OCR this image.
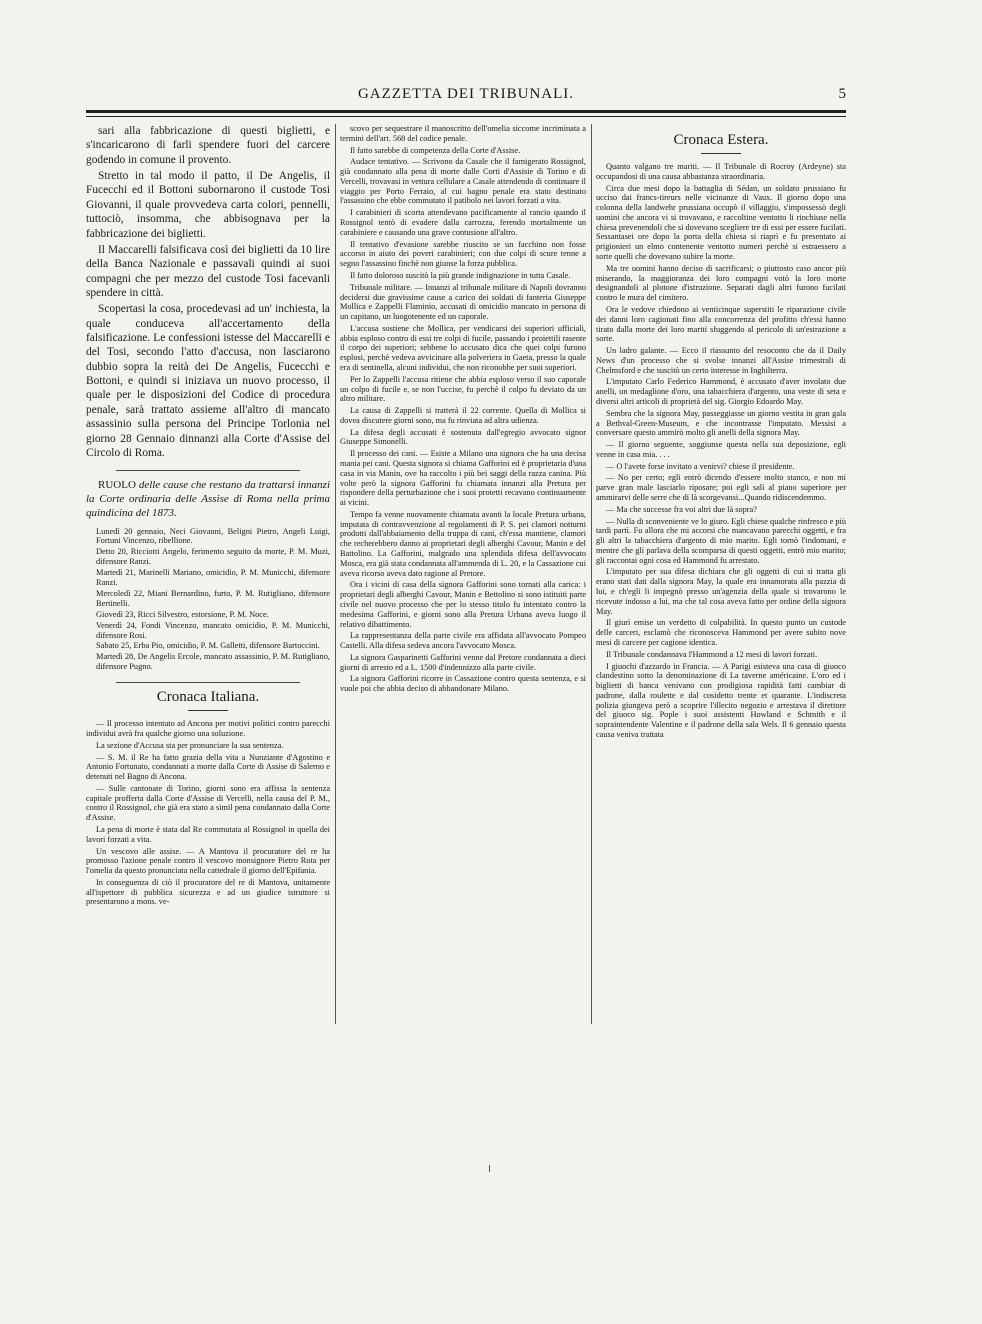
GAZZETTA DEI TRIBUNALI.	5

sari alla fabbricazione di questi biglietti, e s'incaricarono di farli spendere fuori del carcere godendo in comune il provento.

Stretto in tal modo il patto, il De Angelis, il Fucecchi ed il Bottoni subornarono il custode Tosi Giovanni, il quale provvedeva carta colori, pennelli, tuttociò, insomma, che abbisognava per la fabbricazione dei biglietti.

Il Maccarelli falsificava così dei biglietti da 10 lire della Banca Nazionale e passavali quindi ai suoi compagni che per mezzo del custode Tosi facevanli spendere in città.

Scopertasi la cosa, procedevasi ad un' inchiesta, la quale conduceva all'accertamento della falsificazione. Le confessioni istesse del Maccarelli e del Tosi, secondo l'atto d'accusa, non lasciarono dubbio sopra la reità dei De Angelis, Fucecchi e Bottoni, e quindi si iniziava un nuovo processo, il quale per le disposizioni del Codice di procedura penale, sarà trattato assieme all'altro di mancato assassinio sulla persona del Principe Torlonia nel giorno 28 Gennaio dinnanzi alla Corte d'Assise del Circolo di Roma.

RUOLO delle cause che restano da trattarsi innanzi la Corte ordinaria delle Assise di Roma nella prima quindicina del 1873.

Lunedì 20 gennaio, Neci Giovanni, Beligni Pietro, Angeli Luigi, Fortuni Vincenzo, ribellione.

Detto 20, Ricciotti Angelo, ferimento seguito da morte, P. M. Muzi, difensore Ranzi.

Martedì 21, Marinelli Mariano, omicidio, P. M. Municchi, difensore Ranzi.

Mercoledì 22, Miani Bernardino, furto, P. M. Rutigliano, difensore Bertinelli.

Giovedì 23, Ricci Silvestro, estorsione, P. M. Noce.

Venerdì 24, Fondi Vincenzo, mancato omicidio, P. M. Municchi, difensore Rosi.

Sabato 25, Erba Pio, omicidio, P. M. Galletti, difensore Bartoccini.

Martedì 28, De Angelis Ercole, mancato assassinio, P. M. Rutigliano, difensore Pugno.

Cronaca Italiana.

— Il processo intentato ad Ancona per motivi politici contro parecchi individui avrà fra qualche giorno una soluzione.

La sezione d'Accusa sta per pronunciare la sua sentenza.

— S. M. il Re ha fatto grazia della vita a Nunziante d'Agostino e Antonio Fortunato, condannati a morte dalla Corte di Assise di Salerno e detenuti nel Bagno di Ancona.

— Sulle cantonate di Torino, giorni sono era affissa la sentenza capitale profferta dalla Corte d'Assise di Vercelli, nella causa del P. M., contro il Rossignol, che già era stato a simil pena condannato dalla Corte d'Assise.

La pena di morte è stata dal Re commutata al Rossignol in quella dei lavori forzati a vita.

Un vescovo alle assise. — A Mantova il procuratore del re ha promosso l'azione penale contro il vescovo monsignore Pietro Rota per l'omelia da questo pronunciata nella cattedrale il giorno dell'Epifania.

In conseguenza di ciò il procuratore del re di Mantova, unitamente all'ispettore di pubblica sicurezza e ad un giudice istruttore si presentarono a mons. ve-

scovo per sequestrare il manoscritto dell'omelia siccome incriminata a termini dell'art. 568 del codice penale.

Il fatto sarebbe di competenza della Corte d'Assise.

Audace tentativo. — Scrivono da Casale che il famigerato Rossignol, già condannato alla pena di morte dalle Corti d'Assisie di Torino e di Vercelli, trovavasi in vettura cellulare a Casale attendendo di continuare il viaggio per Porto Ferraio, al cui bagno penale era stato destinato l'assassino che ebbe commutato il patibolo nei lavori forzati a vita.

I carabinieri di scorta attendevano pacificamente al rancio quando il Rossignol tentò di evadere dalla carrozza, ferendo mortalmente un carabiniere e causando una grave contusione all'altro.

Il tentativo d'evasione sarebbe riuscito se un facchino non fosse accorso in aiuto dei poveri carabinieri; con due colpi di scure tenne a segno l'assassino finchè non giunse la forza pubblica.

Il fatto doloroso suscitò la più grande indignazione in tutta Casale.

Tribunale militare. — Innanzi al tribunale militare di Napoli dovranno decidersi due gravissime cause a carico dei soldati di fanteria Giuseppe Mollica e Zappelli Flaminio, accusati di omicidio mancato in persona di un capitano, un luogotenente ed un caporale.

L'accusa sostiene che Mollica, per vendicarsi dei superiori ufficiali, abbia esploso contro di essi tre colpi di fucile, passando i proiettili rasente il corpo dei superiori; sebbene lo accusato dica che quei colpi furono esplosi, perchè vedeva avvicinare alla polveriera in Gaeta, presso la quale era di sentinella, alcuni individui, che non riconobbe per suoi superiori.

Per lo Zappelli l'accusa ritiene che abbia esploso verso il suo caporale un colpo di fucile e, se non l'uccise, fu perchè il colpo fu deviato da un altro militare.

La causa di Zappelli si tratterà il 22 corrente. Quella di Mollica si dovea discutere giorni sono, ma fu rinviata ad altra udienza.

La difesa degli accusati è sostenuta dall'egregio avvocato signor Giuseppe Simonelli.

Il processo dei cani. — Esiste a Milano una signora che ha una decisa mania pei cani. Questa signora si chiama Gafforini ed è proprietaria d'una casa in via Manin, ove ha raccolto i più bei saggi della razza canina. Più volte però la signora Gafforini fu chiamata innanzi alla Pretura per rispondere della perturbazione che i suoi protetti recavano continuamente ai vicini.

Tempo fa venne nuovamente chiamata avanti la locale Pretura urbana, imputata di contravvenzione al regolamenti di P. S. pei clamori notturni prodotti dall'abbaiamento della truppa di cani, ch'essa mantiene, clamori che recherebbero danno ai proprietari degli alberghi Cavour, Manin e del Battolino. La Gafforini, malgrado una splendida difesa dell'avvocato Mosca, era già stata condannata all'ammenda di L. 20, e la Cassazione cui aveva ricorso aveva dato ragione al Pretore.

Ora i vicini di casa della signora Gafforini sono tornati alla carica: i proprietari degli alberghi Cavour, Manin e Bettolino si sono istituiti parte civile nel nuovo processo che per lo stesso titolo fu intentato contro la medesima Gafforini, e giorni sono alla Pretura Urbana aveva luogo il relativo dibattimento.

La rappresentanza della parte civile era affidata all'avvocato Pompeo Castelli. Alla difesa sedeva ancora l'avvocato Mosca.

La signora Gasparinetti Gafforini venne dal Pretore condannata a dieci giorni di arresto ed a L. 1500 d'indennizzo alla parte civile.

La signora Gafforini ricorre in Cassazione contro questa sentenza, e si vuole poi che abbia deciso di abbandonare Milano.

Cronaca Estera.

Quanto valgano tre mariti. — Il Tribunale di Rocroy (Ardeyne) sta occupandosi di una causa abbastanza straordinaria.

Circa due mesi dopo la battaglia di Sédan, un soldato prussiano fu ucciso dai francs-tireurs nelle vicinanze di Vaux. Il giorno dopo una colonna della landwehr prussiana occupò il villaggio, s'impossessò degli uomini che ancora vi si trovavano, e raccoltine ventotto li rinchiuse nella chiesa prevenendoli che si dovevano scegliere tre di essi per essere fucilati. Sessantasei ore dopo la porta della chiesa si riaprì e fu presentato ai prigionieri un elmo contenente ventotto numeri perchè si estraessero a sorte quelli che dovevano subire la morte.

Ma tre uomini hanno deciso di sacrificarsi; o piuttosto caso ancor più miserando, la maggioranza dei loro compagni votò la loro morte designandoli al plotone d'istruzione. Separati dagli altri furono fucilati contro le mura del cimitero.

Ora le vedove chiedono ai venticinque superstiti le riparazione civile dei danni loro cagionati fino alla concorrenza del profitto ch'essi hanno tirato dalla morte dei loro mariti sfuggendo al pericolo di un'estrazione a sorte.

Un ladro galante. — Ecco il riassunto del resoconto che da il Daily News d'un processo che si svolse innanzi all'Assise trimestrali di Chelmsford e che suscitò un certo interesse in Inghilterra.

L'imputato Carlo Federico Hammond, è accusato d'aver involato due anelli, un medaglione d'oro, una tabacchiera d'argento, una veste di seta e diversi altri articoli di proprietà del sig. Giorgio Edoardo May.

Sembra che la signora May, passeggiasse un giorno vestita in gran gala a Bethval-Green-Museum, e che incontrasse l'imputato. Messisi a conversare questo ammirò molto gli anelli della signora May.

— Il giorno seguente, soggiunse questa nella sua deposizione, egli venne in casa mia. . . .

— O l'avete forse invitato a venirvi? chiese il presidente.

— No per certo; egli entrò dicendo d'essere molto stanco, e non mi parve gran male lasciarlo riposare; poi egli salì al piano superiore per ammirarvi delle serre che di là scorgevansi...Quando ridiscendemmo.

— Ma che successe fra voi altri due là sopra?

— Nulla di sconveniente ve lo giuro. Egli chiese qualche rinfresco e più tardi partì. Fu allora che mi accorsi che mancavano parecchi oggetti, e fra gli altri la tabacchiera d'argento di mio marito. Egli tornò l'indomani, e mentre che gli parlava della scomparsa di questi oggetti, entrò mio marito; gli raccontai ogni cosa ed Hammond fu arrestato.

L'imputato per sua difesa dichiara che gli oggetti di cui si tratta gli erano stati dati dalla signora May, la quale era innamorata alla pazzia di lui, e ch'egli li impegnò presso un'agenzia della quale si trovarono le ricevute indosso a lui, ma che tal cosa aveva fatto per ordine della signora May.

Il giurì emise un verdetto di colpabilità. In questo punto un custode delle carceri, esclamò che riconosceva Hammond per avere subito nove mesi di carcere per cagione identica.

Il Tribunale condannava l'Hammond a 12 mesi di lavori forzati.

I giuochi d'azzardo in Francia. — A Parigi esisteva una casa di giuoco clandestino sotto la denominazione di La taverne américaine. L'oro ed i biglietti di banca venivano con prodigiosa rapidità fatti cambiar di padrone, dalla roulette e dal cosidetto trente et quarante. L'indiscreta polizia giungeva però a scoprire l'illecito negozio e arrestava il direttore del giuoco sig. Pople i suoi assistenti Howland e Schmith e il sopraintendente Valentine e il padrone della sala Wels. Il 6 gennaio questa causa veniva trattata
